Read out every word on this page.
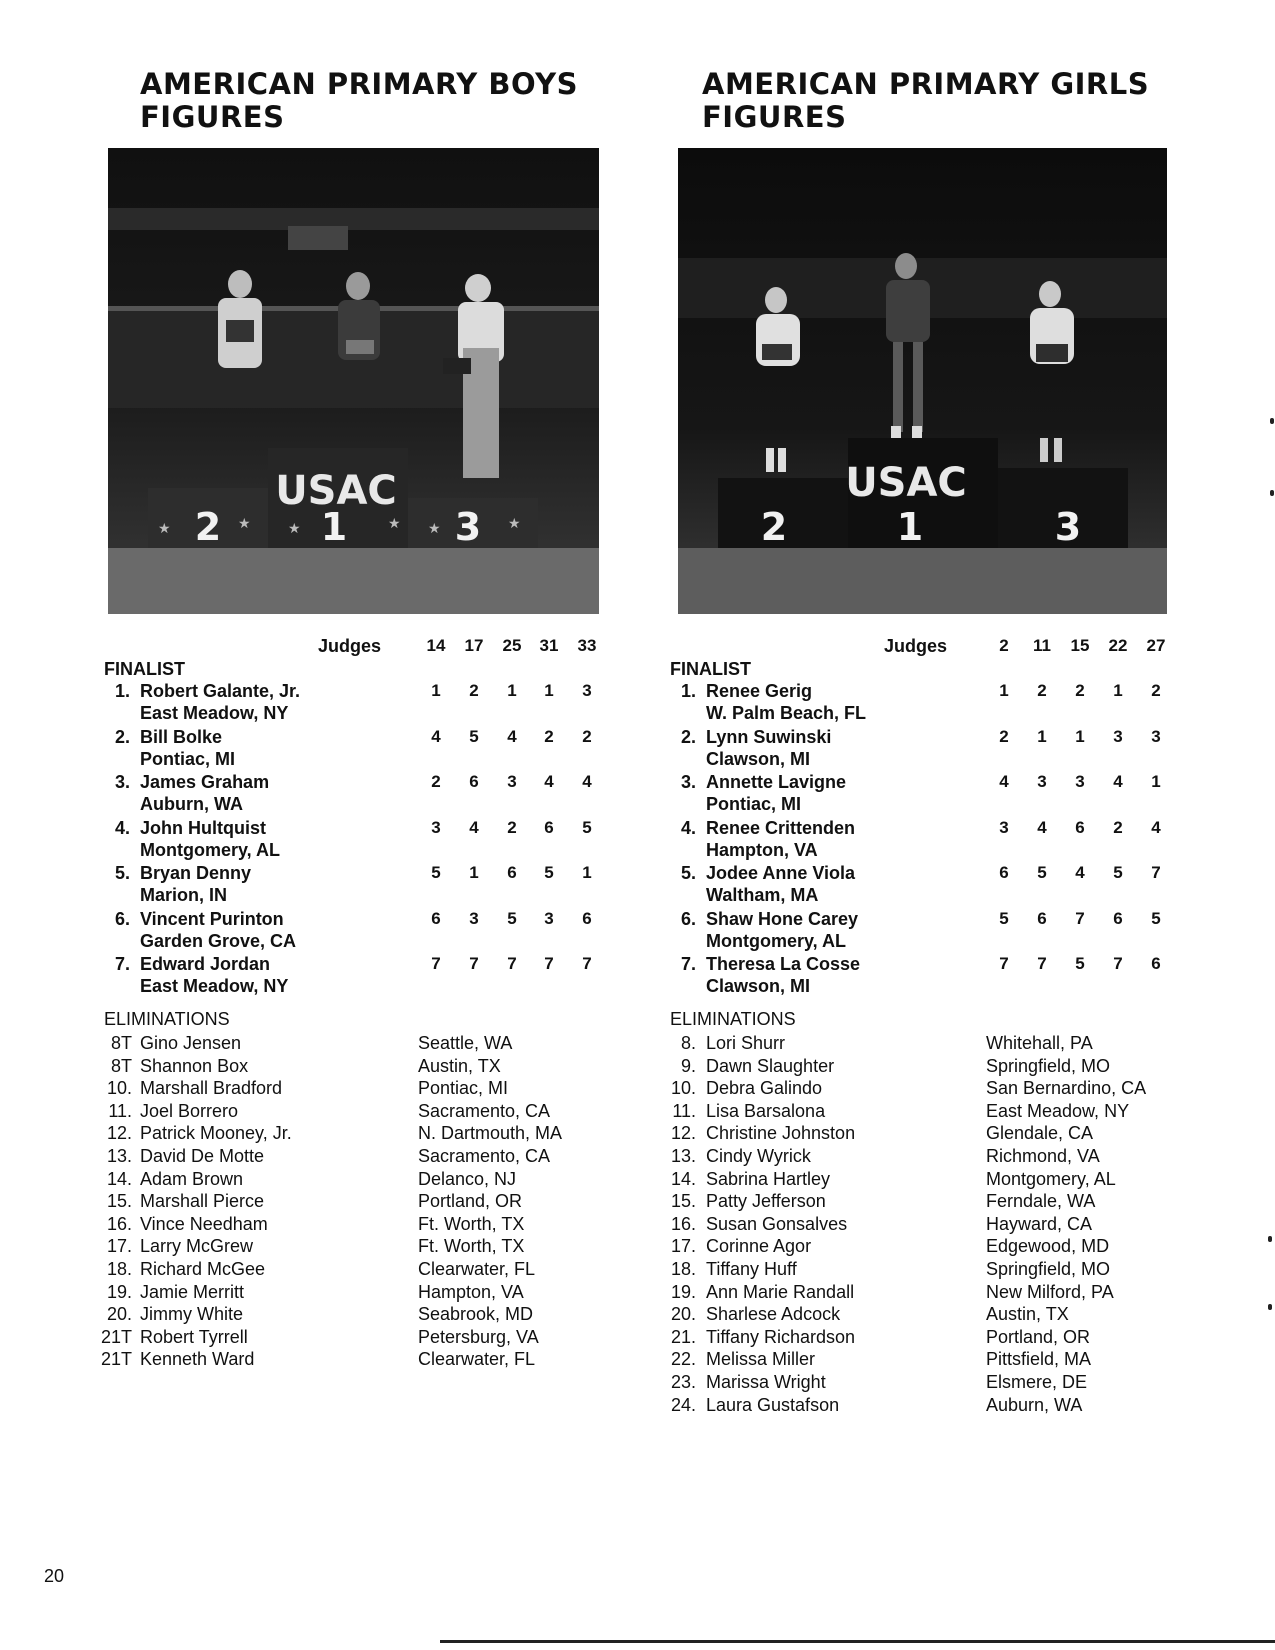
AMERICAN PRIMARY BOYS
FIGURES
USAC
2	1	3
★	★	★	★ ★	★
Judges	14	17	25	31	33
FINALIST
1. Robert Galante, Jr.
East Meadow, NY
1	2	1	1	3
2. Bill Bolke
Pontiac, MI
4	5	4	2	2
3. James Graham
Auburn, WA
2	6	3	4	4
4. John Hultquist
Montgomery, AL
3	4	2	6	5
5. Bryan Denny
Marion, IN
5	1	6	5	1
6. Vincent Purinton
Garden Grove, CA
6	3	5	3	6
7. Edward Jordan
East Meadow, NY
7	7	7	7	7
ELIMINATIONS
8T Gino Jensen	Seattle, WA
8T Shannon Box	Austin, TX
10. Marshall Bradford	Pontiac, MI
11. Joel Borrero	Sacramento, CA
12. Patrick Mooney, Jr.	N. Dartmouth, MA
13. David De Motte	Sacramento, CA
14. Adam Brown	Delanco, NJ
15. Marshall Pierce	Portland, OR
16. Vince Needham	Ft. Worth, TX
17. Larry McGrew	Ft. Worth, TX
18. Richard McGee	Clearwater, FL
19. Jamie Merritt	Hampton, VA
20. Jimmy White	Seabrook, MD
21T Robert Tyrrell	Petersburg, VA
21T Kenneth Ward	Clearwater, FL
AMERICAN PRIMARY GIRLS
FIGURES
USAC
2	1	3
Judges	2	11	15	22	27
FINALIST
1. Renee Gerig
W. Palm Beach, FL
1	2	2	1	2
2. Lynn Suwinski
Clawson, MI
2	1	1	3	3
3. Annette Lavigne
Pontiac, MI
4	3	3	4	1
4. Renee Crittenden
Hampton, VA
3	4	6	2	4
5. Jodee Anne Viola
Waltham, MA
6	5	4	5	7
6. Shaw Hone Carey
Montgomery, AL
5	6	7	6	5
7. Theresa La Cosse
Clawson, MI
7	7	5	7	6
ELIMINATIONS
8. Lori Shurr	Whitehall, PA
9. Dawn Slaughter	Springfield, MO
10. Debra Galindo	San Bernardino, CA
11. Lisa Barsalona	East Meadow, NY
12. Christine Johnston	Glendale, CA
13. Cindy Wyrick	Richmond, VA
14. Sabrina Hartley	Montgomery, AL
15. Patty Jefferson	Ferndale, WA
16. Susan Gonsalves	Hayward, CA
17. Corinne Agor	Edgewood, MD
18. Tiffany Huff	Springfield, MO
19. Ann Marie Randall	New Milford, PA
20. Sharlese Adcock	Austin, TX
21. Tiffany Richardson	Portland, OR
22. Melissa Miller	Pittsfield, MA
23. Marissa Wright	Elsmere, DE
24. Laura Gustafson	Auburn, WA
20
